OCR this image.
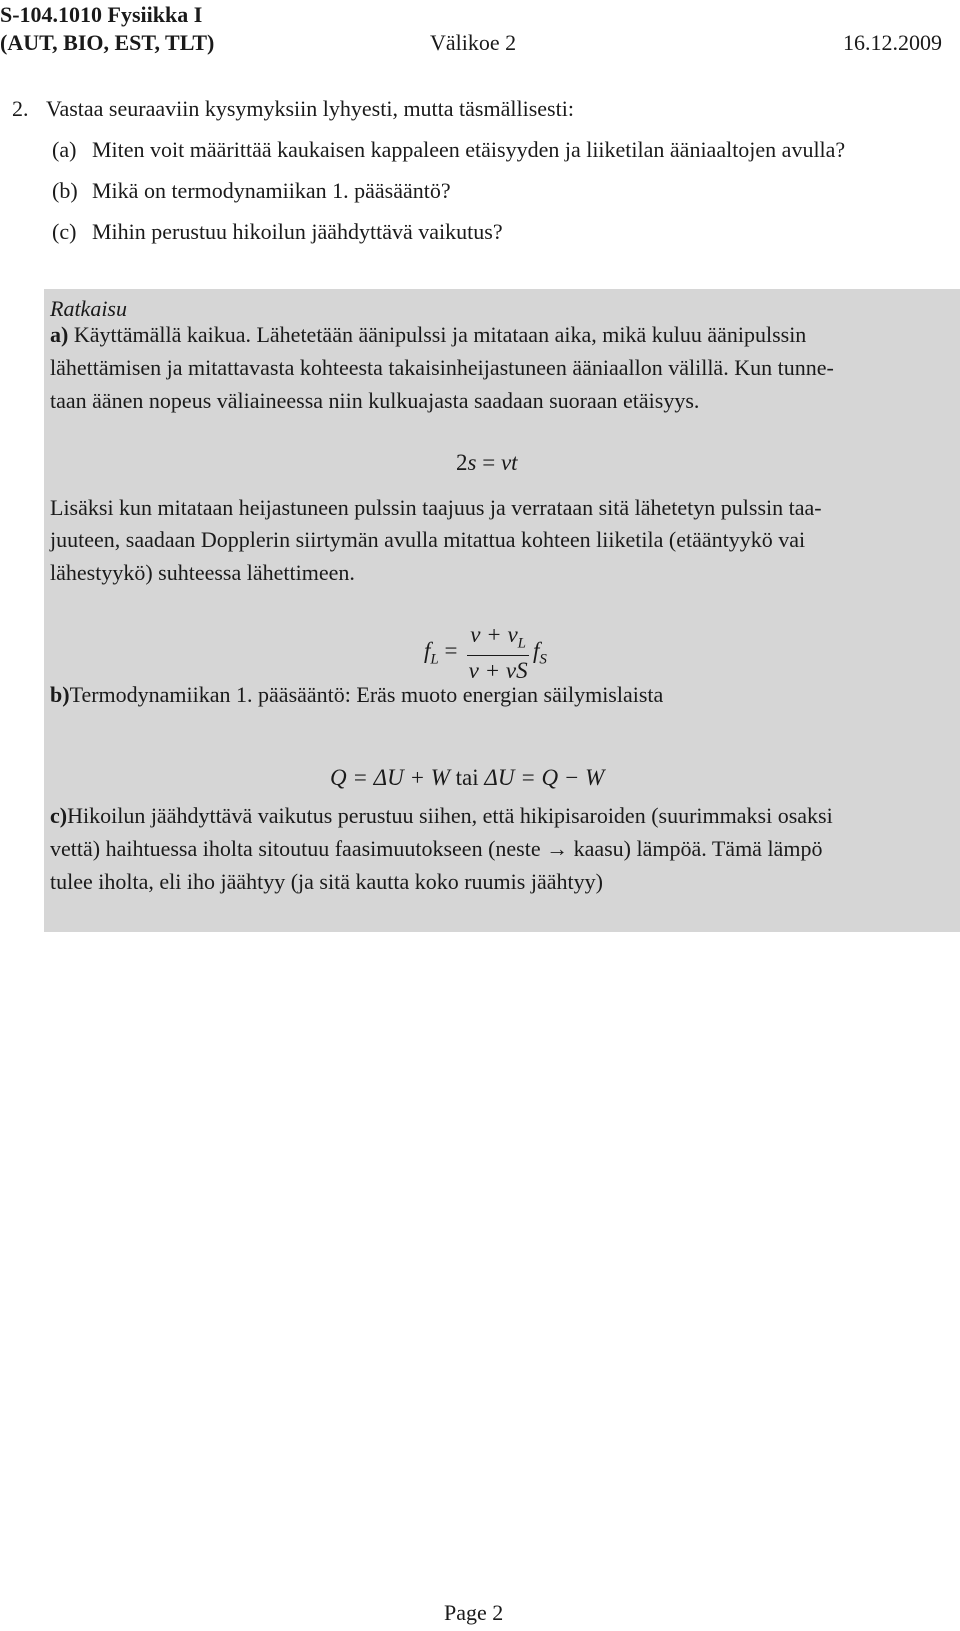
S-104.1010 Fysiikka I
(AUT, BIO, EST, TLT)	Välikoe 2	16.12.2009
2. Vastaa seuraaviin kysymyksiin lyhyesti, mutta täsmällisesti:
(a) Miten voit määrittää kaukaisen kappaleen etäisyyden ja liiketilan ääniaaltojen avulla?
(b) Mikä on termodynamiikan 1. pääsääntö?
(c) Mihin perustuu hikoilun jäähdyttävä vaikutus?
Ratkaisu
a) Käyttämällä kaikua. Lähetetään äänipulssi ja mitataan aika, mikä kuluu äänipulssin
lähettämisen ja mitattavasta kohteesta takaisinheijastuneen ääniaallon välillä. Kun tunne-
taan äänen nopeus väliaineessa niin kulkuajasta saadaan suoraan etäisyys.
2s = vt
Lisäksi kun mitataan heijastuneen pulssin taajuus ja verrataan sitä lähetetyn pulssin taa-
juuteen, saadaan Dopplerin siirtymän avulla mitattua kohteen liiketila (etääntyykö vai
lähestyykö) suhteessa lähettimeen.
$f_L = \frac{v + v_L}{v + vS} f_S$
b)Termodynamiikan 1. pääsääntö: Eräs muoto energian säilymislaista
Q = ΔU + W tai ΔU = Q − W
c)Hikoilun jäähdyttävä vaikutus perustuu siihen, että hikipisaroiden (suurimmaksi osaksi
vettä) haihtuessa iholta sitoutuu faasimuutokseen (neste → kaasu) lämpöä. Tämä lämpö
tulee iholta, eli iho jäähtyy (ja sitä kautta koko ruumis jäähtyy)
Page 2
